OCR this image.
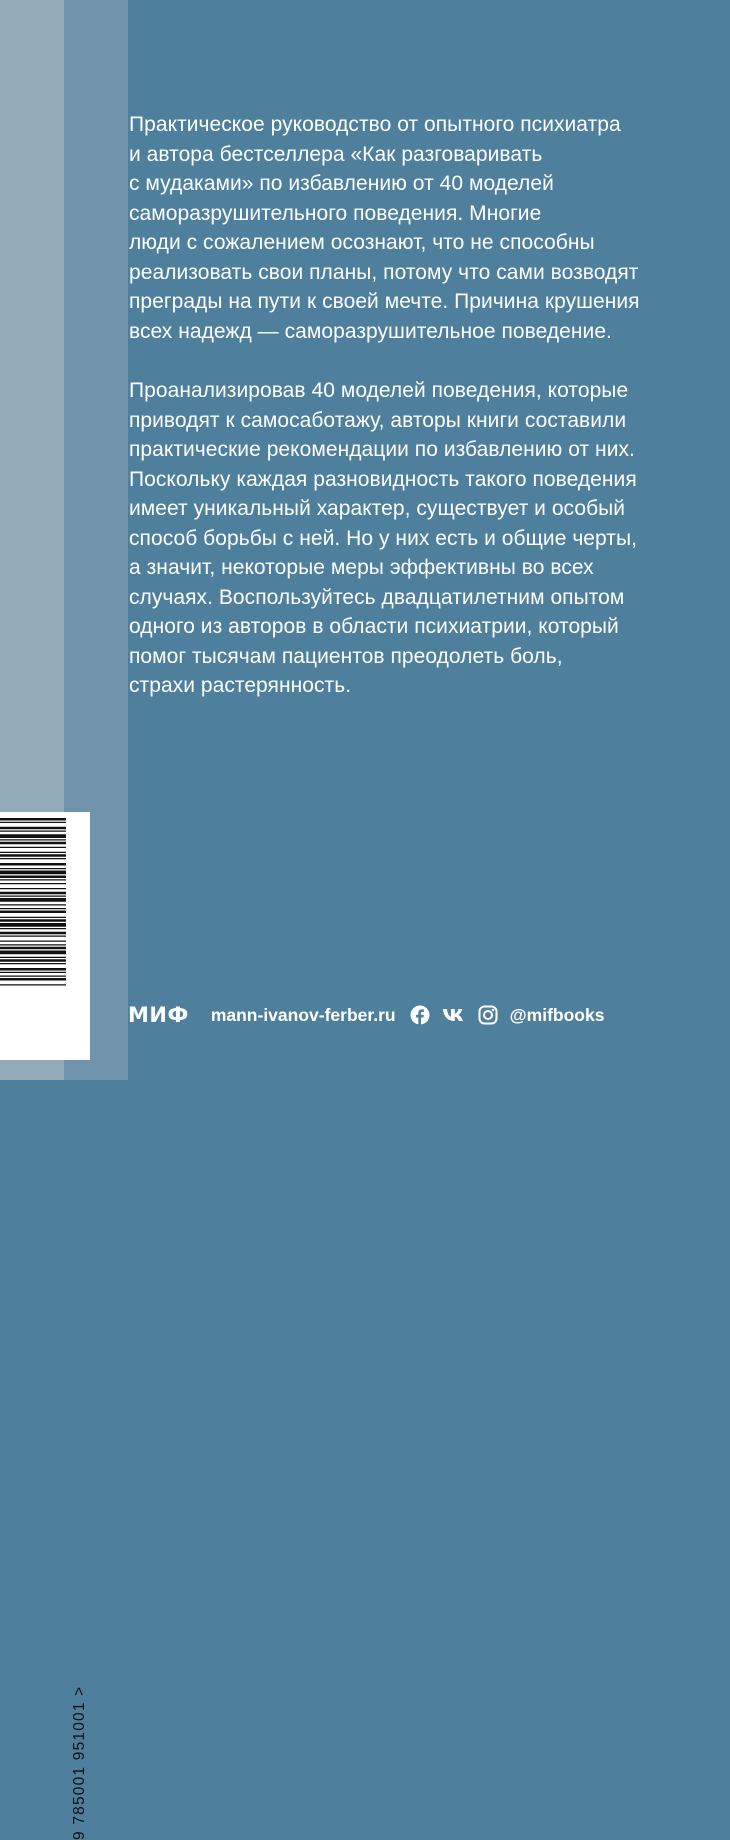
Практическое руководство от опытного психиатра
и автора бестселлера «Как разговаривать
с мудаками» по избавлению от 40 моделей
саморазрушительного поведения. Многие
люди с сожалением осознают, что не способны
реализовать свои планы, потому что сами возводят
преграды на пути к своей мечте. Причина крушения
всех надежд — саморазрушительное поведение.

Проанализировав 40 моделей поведения, которые
приводят к самосаботажу, авторы книги составили
практические рекомендации по избавлению от них.
Поскольку каждая разновидность такого поведения
имеет уникальный характер, существует и особый
способ борьбы с ней. Но у них есть и общие черты,
а значит, некоторые меры эффективны во всех
случаях. Воспользуйтесь двадцатилетним опытом
одного из авторов в области психиатрии, который
помог тысячам пациентов преодолеть боль,
страхи растерянность.

9 785001 951001 >
МИФ mann-ivanov-ferber.ru	@mifbooks
